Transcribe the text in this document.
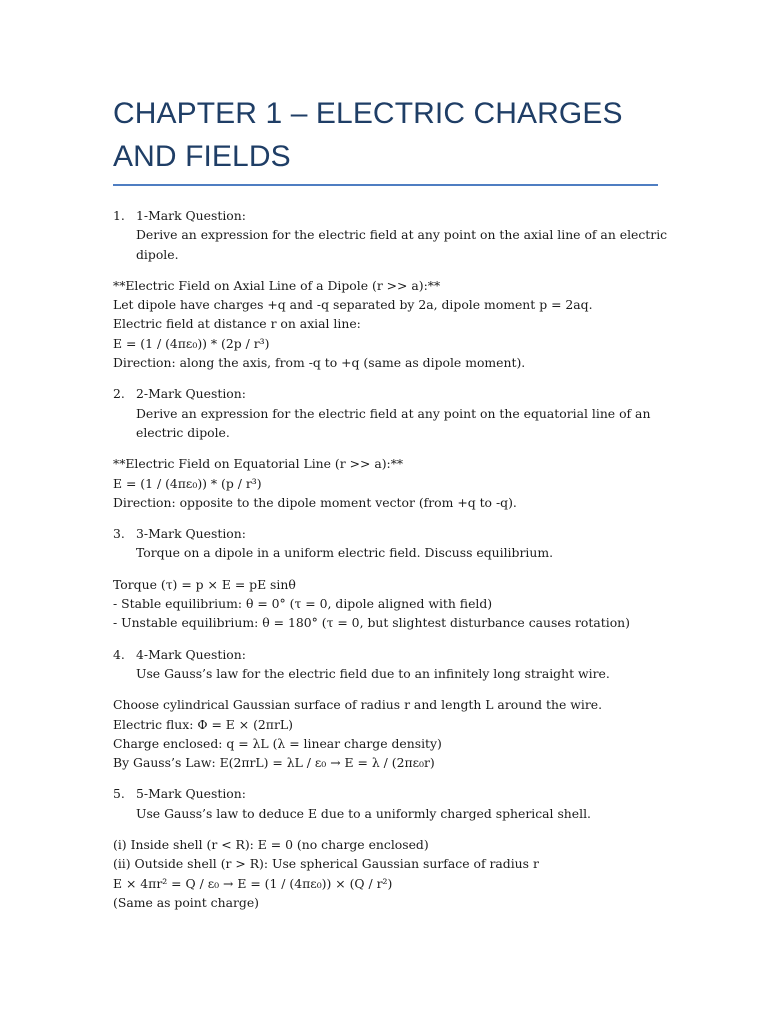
CHAPTER 1 – ELECTRIC CHARGES AND FIELDS
1. 1-Mark Question:
Derive an expression for the electric field at any point on the axial line of an electric
dipole.
**Electric Field on Axial Line of a Dipole (r >> a):**
Let dipole have charges +q and -q separated by 2a, dipole moment p = 2aq.
Electric field at distance r on axial line:
E = (1 / (4πε₀)) * (2p / r³)
Direction: along the axis, from -q to +q (same as dipole moment).
2. 2-Mark Question:
Derive an expression for the electric field at any point on the equatorial line of an
electric dipole.
**Electric Field on Equatorial Line (r >> a):**
E = (1 / (4πε₀)) * (p / r³)
Direction: opposite to the dipole moment vector (from +q to -q).
3. 3-Mark Question:
Torque on a dipole in a uniform electric field. Discuss equilibrium.
Torque (τ) = p × E = pE sinθ
- Stable equilibrium: θ = 0° (τ = 0, dipole aligned with field)
- Unstable equilibrium: θ = 180° (τ = 0, but slightest disturbance causes rotation)
4. 4-Mark Question:
Use Gauss’s law for the electric field due to an infinitely long straight wire.
Choose cylindrical Gaussian surface of radius r and length L around the wire.
Electric flux: Φ = E × (2πrL)
Charge enclosed: q = λL (λ = linear charge density)
By Gauss’s Law: E(2πrL) = λL / ε₀ → E = λ / (2πε₀r)
5. 5-Mark Question:
Use Gauss’s law to deduce E due to a uniformly charged spherical shell.
(i) Inside shell (r < R): E = 0 (no charge enclosed)
(ii) Outside shell (r > R): Use spherical Gaussian surface of radius r
E × 4πr² = Q / ε₀ → E = (1 / (4πε₀)) × (Q / r²)
(Same as point charge)
